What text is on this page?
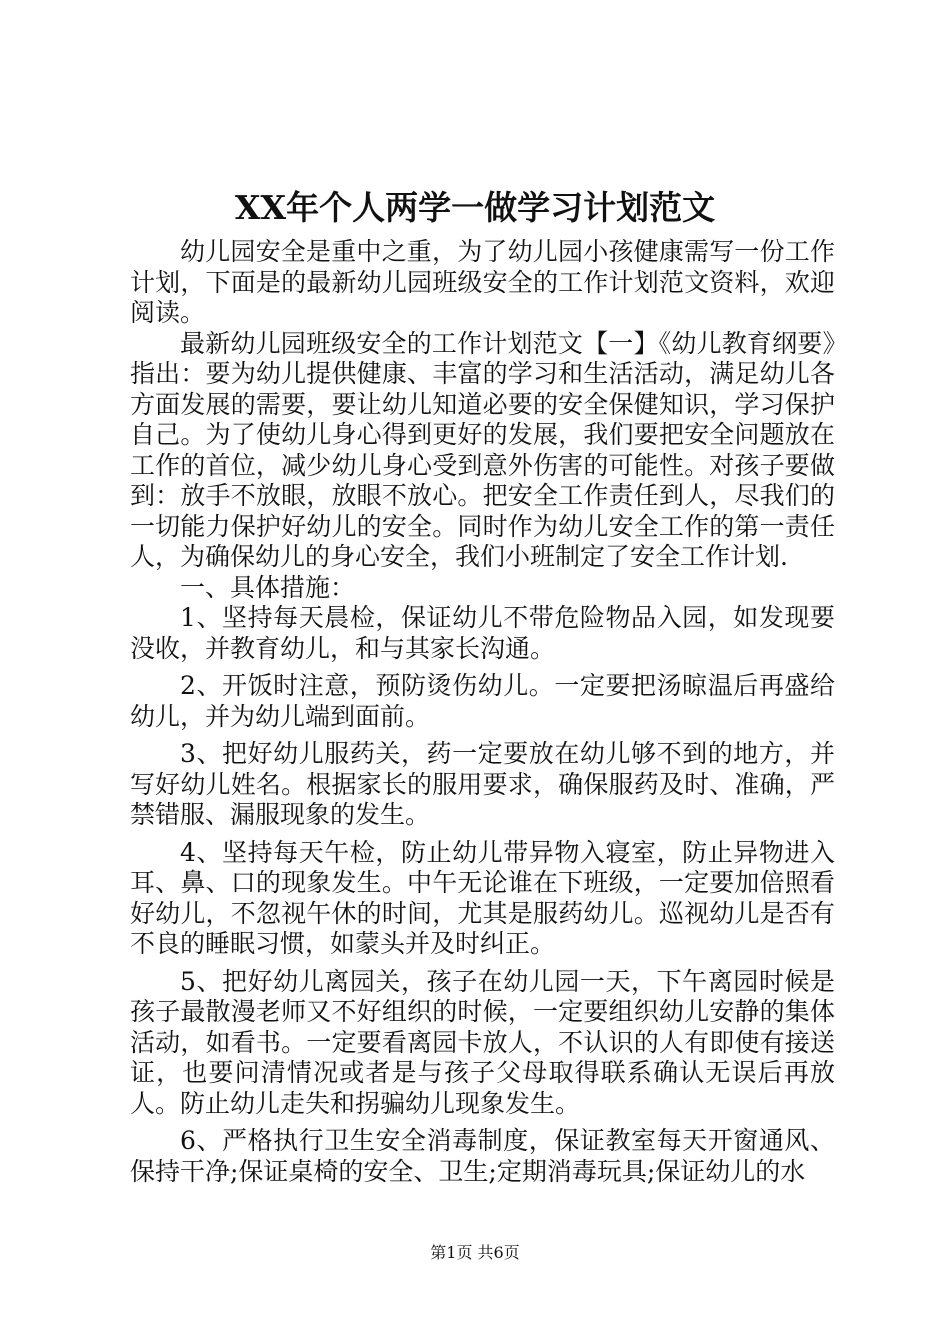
XX年个人两学一做学习计划范文

幼儿园安全是重中之重，为了幼儿园小孩健康需写一份工作计划，下面是的最新幼儿园班级安全的工作计划范文资料，欢迎阅读。

最新幼儿园班级安全的工作计划范文【一】《幼儿教育纲要》指出：要为幼儿提供健康、丰富的学习和生活活动，满足幼儿各方面发展的需要，要让幼儿知道必要的安全保健知识，学习保护自己。为了使幼儿身心得到更好的发展，我们要把安全问题放在工作的首位，减少幼儿身心受到意外伤害的可能性。对孩子要做到：放手不放眼，放眼不放心。把安全工作责任到人，尽我们的一切能力保护好幼儿的安全。同时作为幼儿安全工作的第一责任人，为确保幼儿的身心安全，我们小班制定了安全工作计划.

一、具体措施：

1、坚持每天晨检，保证幼儿不带危险物品入园，如发现要没收，并教育幼儿，和与其家长沟通。

2、开饭时注意，预防烫伤幼儿。一定要把汤晾温后再盛给幼儿，并为幼儿端到面前。

3、把好幼儿服药关，药一定要放在幼儿够不到的地方，并写好幼儿姓名。根据家长的服用要求，确保服药及时、准确，严禁错服、漏服现象的发生。

4、坚持每天午检，防止幼儿带异物入寝室，防止异物进入耳、鼻、口的现象发生。中午无论谁在下班级，一定要加倍照看好幼儿，不忽视午休的时间，尤其是服药幼儿。巡视幼儿是否有不良的睡眠习惯，如蒙头并及时纠正。

5、把好幼儿离园关，孩子在幼儿园一天，下午离园时候是孩子最散漫老师又不好组织的时候，一定要组织幼儿安静的集体活动，如看书。一定要看离园卡放人，不认识的人有即使有接送证，也要问清情况或者是与孩子父母取得联系确认无误后再放人。防止幼儿走失和拐骗幼儿现象发生。

6、严格执行卫生安全消毒制度，保证教室每天开窗通风、保持干净;保证桌椅的安全、卫生;定期消毒玩具;保证幼儿的水

第1页 共6页
